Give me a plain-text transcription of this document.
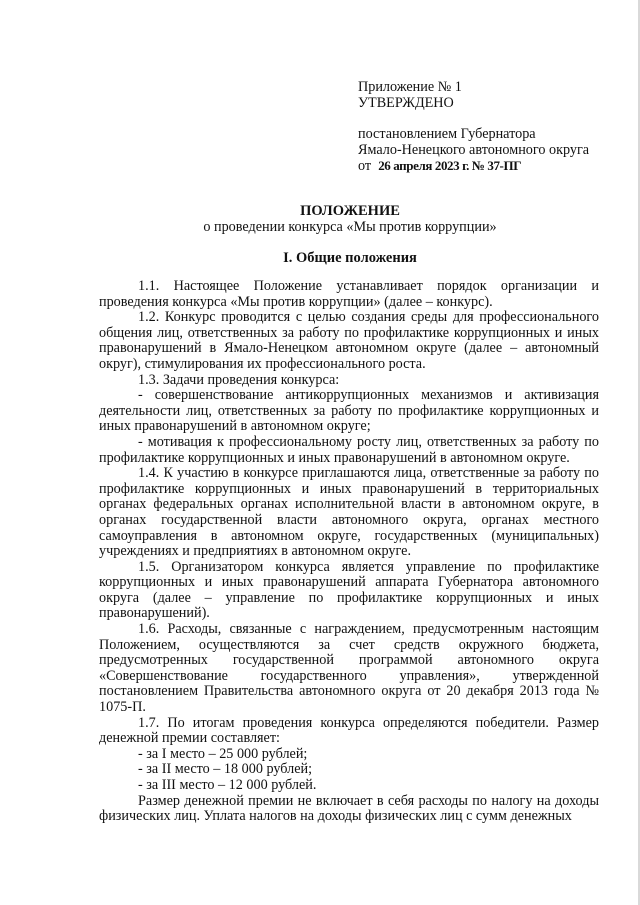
Приложение № 1
УТВЕРЖДЕНО
постановлением Губернатора
Ямало-Ненецкого автономного округа
от 26 апреля 2023 г. № 37-ПГ
ПОЛОЖЕНИЕ
о проведении конкурса «Мы против коррупции»
I. Общие положения

1.1. Настоящее Положение устанавливает порядок организации и проведения конкурса «Мы против коррупции» (далее – конкурс).

1.2. Конкурс проводится с целью создания среды для профессионального общения лиц, ответственных за работу по профилактике коррупционных и иных правонарушений в Ямало-Ненецком автономном округе (далее – автономный округ), стимулирования их профессионального роста.

1.3. Задачи проведения конкурса:

- совершенствование антикоррупционных механизмов и активизация деятельности лиц, ответственных за работу по профилактике коррупционных и иных правонарушений в автономном округе;

- мотивация к профессиональному росту лиц, ответственных за работу по профилактике коррупционных и иных правонарушений в автономном округе.

1.4. К участию в конкурсе приглашаются лица, ответственные за работу по профилактике коррупционных и иных правонарушений в территориальных органах федеральных органах исполнительной власти в автономном округе, в органах государственной власти автономного округа, органах местного самоуправления в автономном округе, государственных (муниципальных) учреждениях и предприятиях в автономном округе.

1.5. Организатором конкурса является управление по профилактике коррупционных и иных правонарушений аппарата Губернатора автономного округа (далее – управление по профилактике коррупционных и иных правонарушений).

1.6. Расходы, связанные с награждением, предусмотренным настоящим Положением, осуществляются за счет средств окружного бюджета, предусмотренных государственной программой автономного округа «Совершенствование государственного управления», утвержденной постановлением Правительства автономного округа от 20 декабря 2013 года № 1075-П.

1.7. По итогам проведения конкурса определяются победители. Размер денежной премии составляет:

- за I место – 25 000 рублей;

- за II место – 18 000 рублей;

- за III место – 12 000 рублей.

Размер денежной премии не включает в себя расходы по налогу на доходы физических лиц. Уплата налогов на доходы физических лиц с сумм денежных
